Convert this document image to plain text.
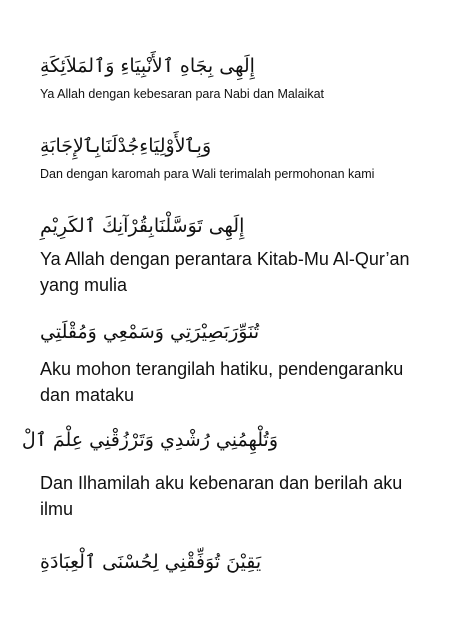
إِلَهِى بِجَاهِ ٱلأَنْبِيَاءِ وَٱلمَلاَئِكَةِ
Ya Allah dengan kebesaran para Nabi dan Malaikat
وَبِٱلأَوْلِيَاءِجُدْلَنَابِٱلإِجَابَةِ
Dan dengan karomah para Wali terimalah permohonan kami
إِلَهِى تَوَسَّلْنَابِقُرْآنِكَ ٱلكَرِيْمِ
Ya Allah dengan perantara Kitab-Mu Al-Qur’an yang mulia
تُنَوِّرَبَصِيْرَتِي وَسَمْعِي وَمُقْلَتِي
Aku mohon terangilah hatiku, pendengaranku dan mataku
وَتُلْهِمُنِي رُشْدِي وَتَرْزُقْنِي عِلْمَ ٱلْ
Dan Ilhamilah aku kebenaran dan berilah aku ilmu
يَقِيْنَ تُوَفِّقْنِي لِحُسْنَى ٱلْعِبَادَةِ
